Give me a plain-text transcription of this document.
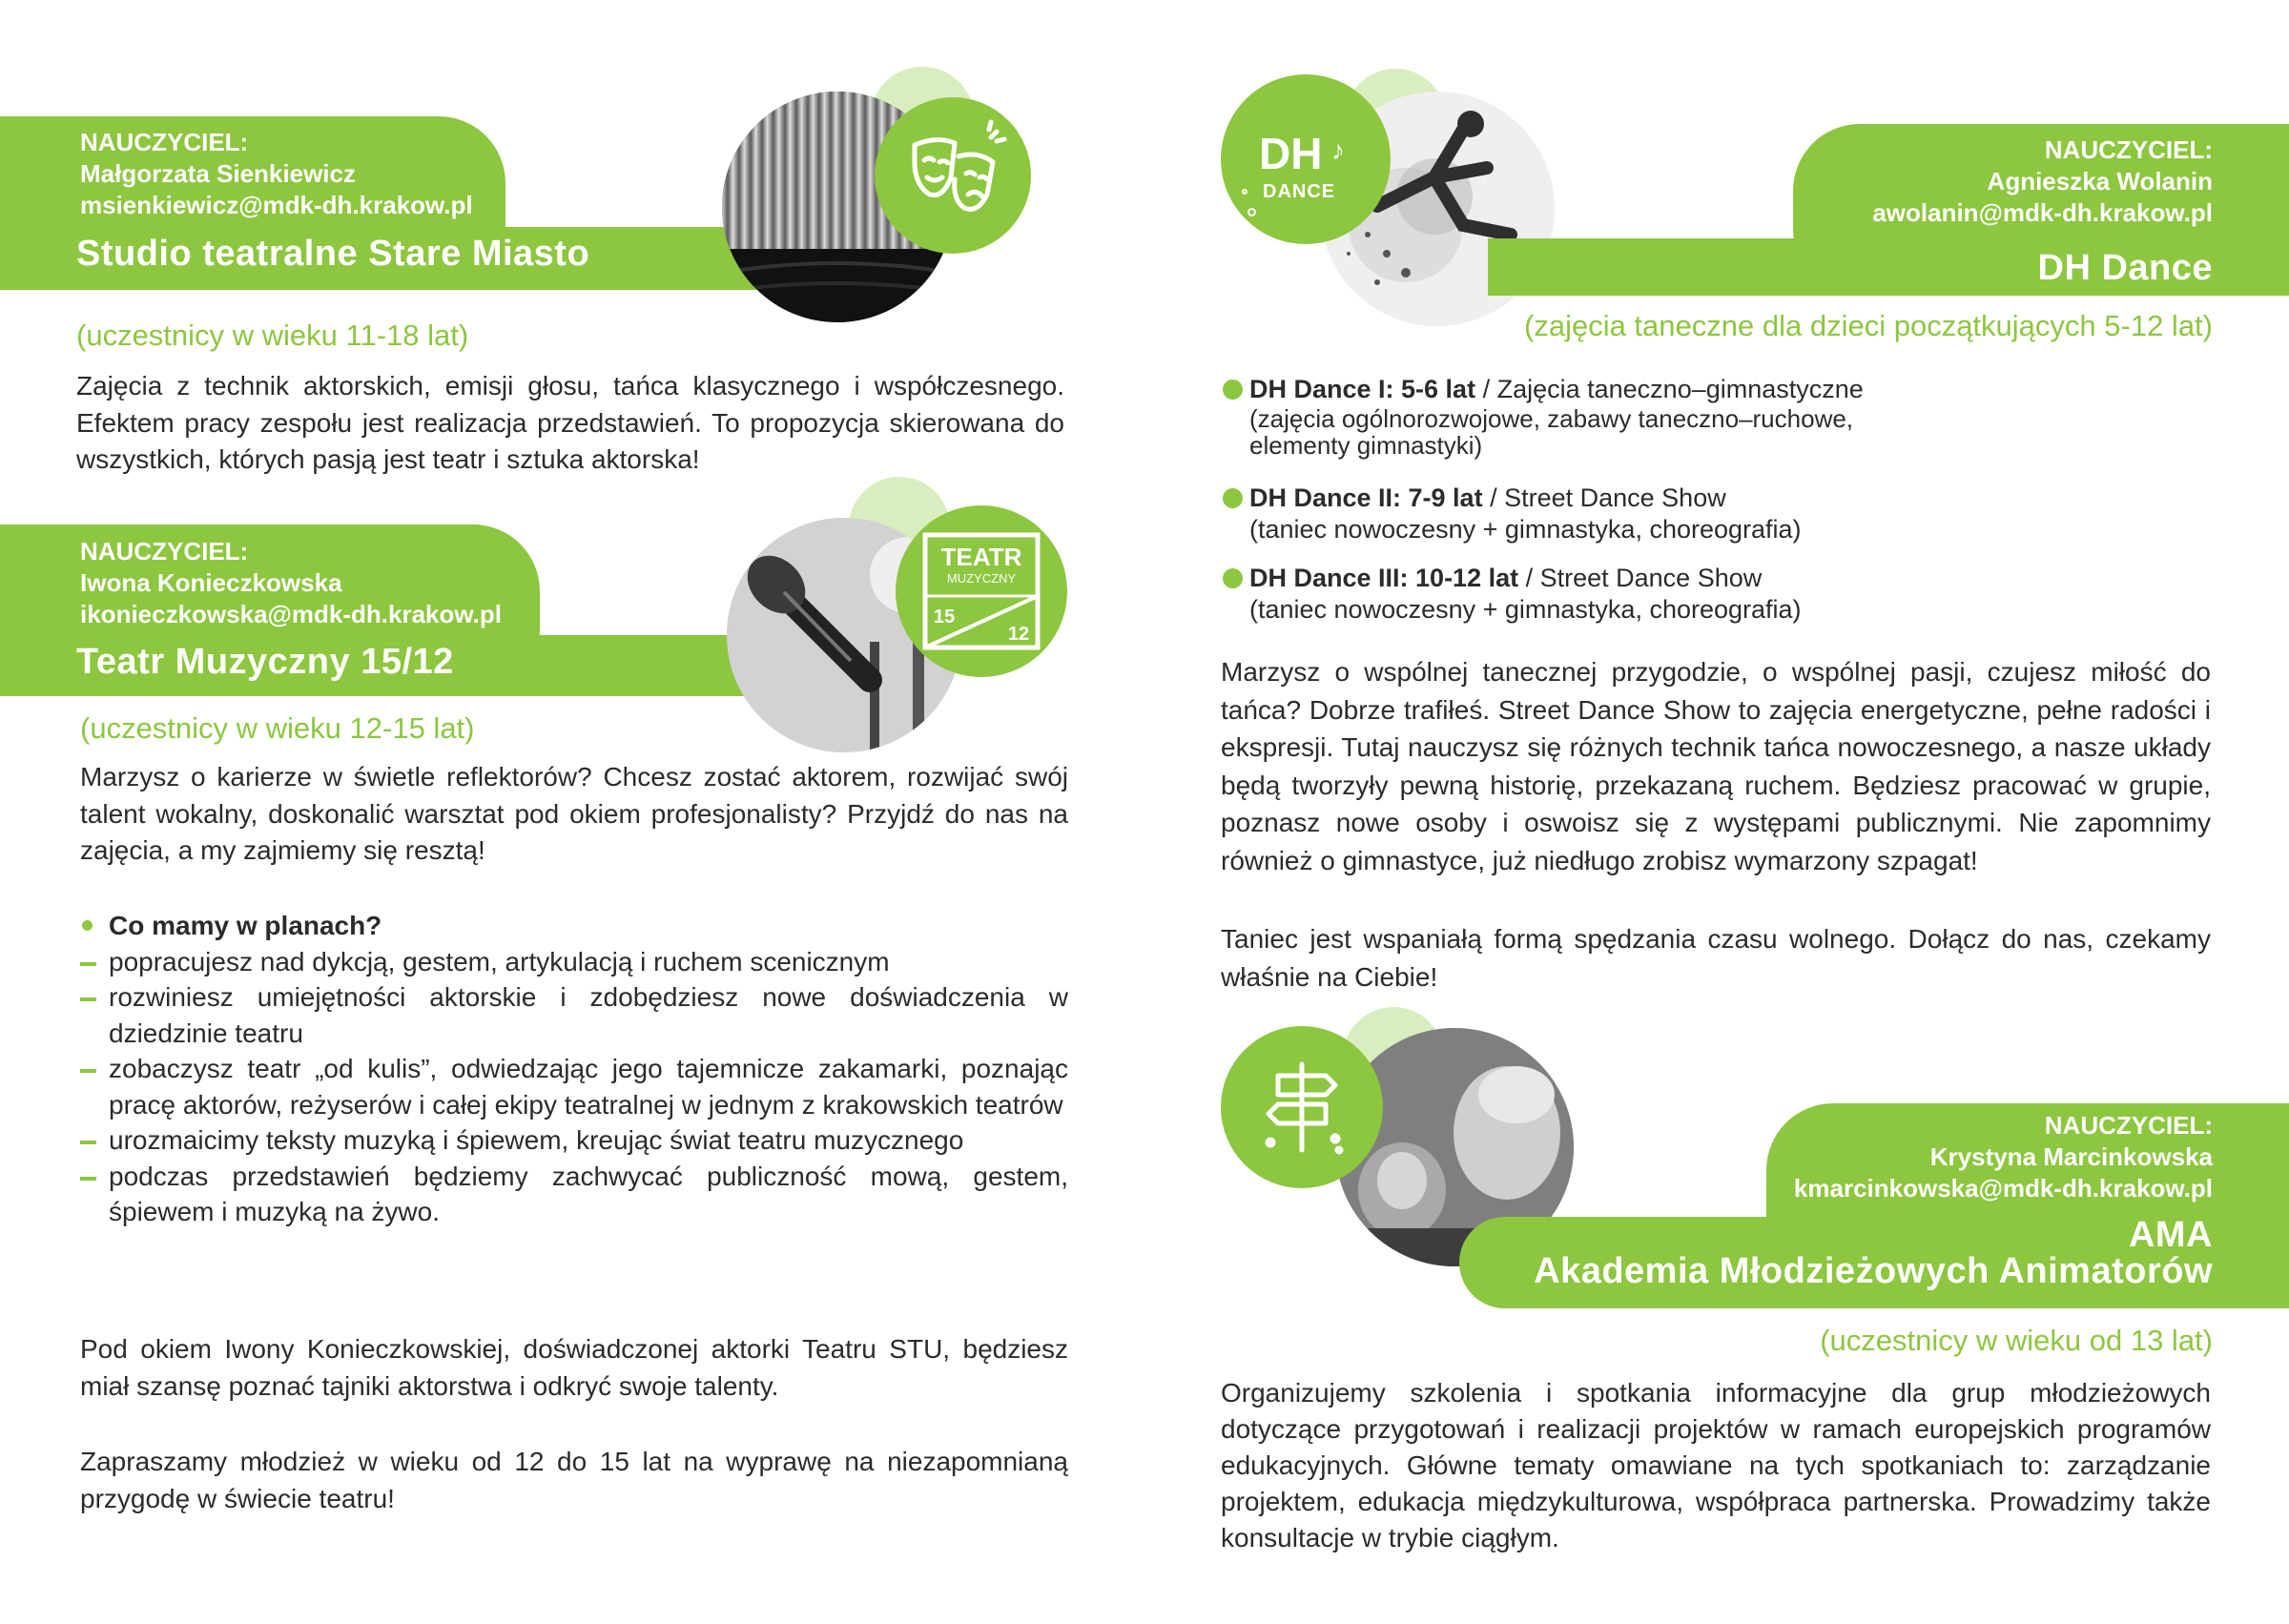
NAUCZYCIEL:
Małgorzata Sienkiewicz
msienkiewicz@mdk-dh.krakow.pl
Studio teatralne Stare Miasto
(uczestnicy w wieku 11-18 lat)
Zajęcia z technik aktorskich, emisji głosu, tańca klasycznego i współczesnego. Efektem pracy zespołu jest realizacja przedstawień. To propozycja skierowana do wszystkich, których pasją jest teatr i sztuka aktorska!
TEATR
MUZYCZNY
15
12
NAUCZYCIEL:
Iwona Konieczkowska
ikonieczkowska@mdk-dh.krakow.pl
Teatr Muzyczny 15/12
(uczestnicy w wieku 12-15 lat)
Marzysz o karierze w świetle reflektorów? Chcesz zostać aktorem, rozwijać swój talent wokalny, doskonalić warsztat pod okiem profesjonalisty? Przyjdź do nas na zajęcia, a my zajmiemy się resztą!
Co mamy w planach?
popracujesz nad dykcją, gestem, artykulacją i ruchem scenicznym
rozwiniesz umiejętności aktorskie i zdobędziesz nowe doświadczenia w dziedzinie teatru
zobaczysz teatr „od kulis”, odwiedzając jego tajemnicze zakamarki, poznając pracę aktorów, reżyserów i całej ekipy teatralnej w jednym z krakowskich teatrów
urozmaicimy teksty muzyką i śpiewem, kreując świat teatru muzycznego
podczas przedstawień będziemy zachwycać publiczność mową, gestem, śpiewem i muzyką na żywo.
Pod okiem Iwony Konieczkowskiej, doświadczonej aktorki Teatru STU, będziesz miał szansę poznać tajniki aktorstwa i odkryć swoje talenty.
Zapraszamy młodzież w wieku od 12 do 15 lat na wyprawę na niezapomnianą przygodę w świecie teatru!
DH ♪
DANCE
NAUCZYCIEL:
Agnieszka Wolanin
awolanin@mdk-dh.krakow.pl
DH Dance
(zajęcia taneczne dla dzieci początkujących 5-12 lat)
DH Dance I: 5-6 lat / Zajęcia taneczno–gimnastyczne
(zajęcia ogólnorozwojowe, zabawy taneczno–ruchowe,
elementy gimnastyki)
DH Dance II: 7-9 lat / Street Dance Show
(taniec nowoczesny + gimnastyka, choreografia)
DH Dance III: 10-12 lat / Street Dance Show
(taniec nowoczesny + gimnastyka, choreografia)
Marzysz o wspólnej tanecznej przygodzie, o wspólnej pasji, czujesz miłość do tańca? Dobrze trafiłeś. Street Dance Show to zajęcia energetyczne, pełne radości i ekspresji. Tutaj nauczysz się różnych technik tańca nowoczesnego, a nasze układy będą tworzyły pewną historię, przekazaną ruchem. Będziesz pracować w grupie, poznasz nowe osoby i oswoisz się z występami publicznymi. Nie zapomnimy również o gimnastyce, już niedługo zrobisz wymarzony szpagat!
Taniec jest wspaniałą formą spędzania czasu wolnego. Dołącz do nas, czekamy właśnie na Ciebie!
NAUCZYCIEL:
Krystyna Marcinkowska
kmarcinkowska@mdk-dh.krakow.pl
AMA
Akademia Młodzieżowych Animatorów
(uczestnicy w wieku od 13 lat)
Organizujemy szkolenia i spotkania informacyjne dla grup młodzieżowych dotyczące przygotowań i realizacji projektów w ramach europejskich programów edukacyjnych. Główne tematy omawiane na tych spotkaniach to: zarządzanie projektem, edukacja międzykulturowa, współpraca partnerska. Prowadzimy także konsultacje w trybie ciągłym.
